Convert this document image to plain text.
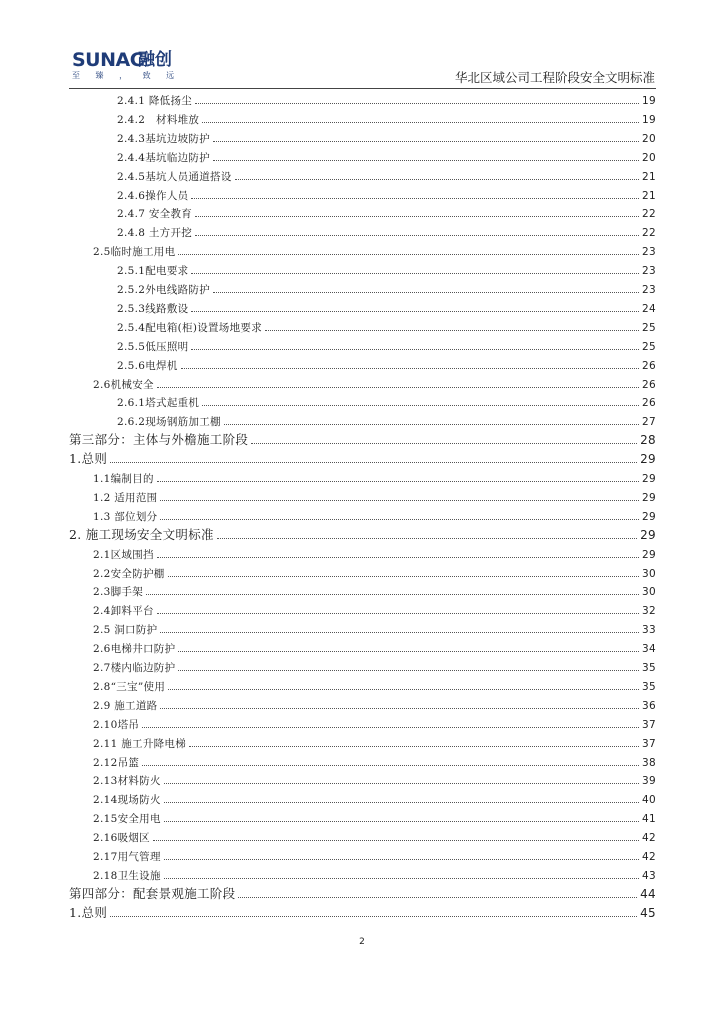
SUNAC
融创
至 臻 ， 致 远	华北区域公司工程阶段安全文明标准
2.4.1 降低扬尘	19
2.4.2　材料堆放	19
2.4.3基坑边坡防护	20
2.4.4基坑临边防护	20
2.4.5基坑人员通道搭设	21
2.4.6操作人员	21
2.4.7 安全教育	22
2.4.8 土方开挖	22
2.5临时施工用电	23
2.5.1配电要求	23
2.5.2外电线路防护	23
2.5.3线路敷设	24
2.5.4配电箱(柜)设置场地要求	25
2.5.5低压照明	25
2.5.6电焊机	26
2.6机械安全	26
2.6.1塔式起重机	26
2.6.2现场钢筋加工棚	27
第三部分：主体与外檐施工阶段	28
1.总则	29
1.1编制目的	29
1.2 适用范围	29
1.3 部位划分	29
2. 施工现场安全文明标准	29
2.1区域围挡	29
2.2安全防护棚	30
2.3脚手架	30
2.4卸料平台	32
2.5 洞口防护	33
2.6电梯井口防护	34
2.7楼内临边防护	35
2.8“三宝”使用	35
2.9 施工道路	36
2.10塔吊	37
2.11 施工升降电梯	37
2.12吊篮	38
2.13材料防火	39
2.14现场防火	40
2.15安全用电	41
2.16吸烟区	42
2.17用气管理	42
2.18卫生设施	43
第四部分：配套景观施工阶段	44
1.总则	45
2
